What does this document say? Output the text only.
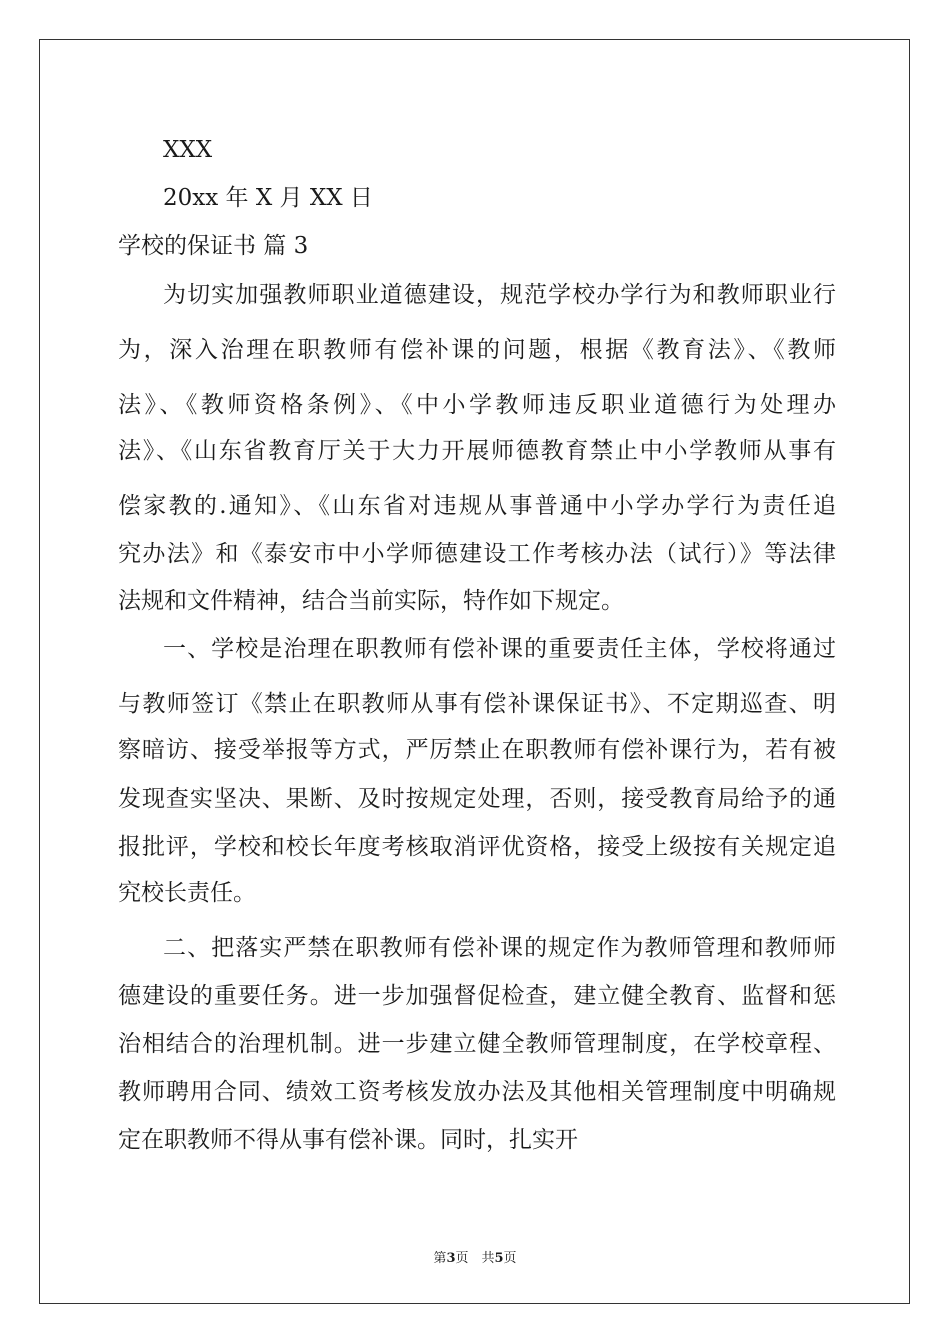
XXX
20xx 年 X 月 XX 日
学校的保证书 篇 3
为切实加强教师职业道德建设，规范学校办学行为和教师职业行
为，深入治理在职教师有偿补课的问题，根据《教育法》、《教师
法》、《教师资格条例》、《中小学教师违反职业道德行为处理办
法》、《山东省教育厅关于大力开展师德教育禁止中小学教师从事有
偿家教的.通知》、《山东省对违规从事普通中小学办学行为责任追
究办法》和《泰安市中小学师德建设工作考核办法（试行）》等法律
法规和文件精神，结合当前实际，特作如下规定。
一、学校是治理在职教师有偿补课的重要责任主体，学校将通过
与教师签订《禁止在职教师从事有偿补课保证书》、不定期巡查、明
察暗访、接受举报等方式，严厉禁止在职教师有偿补课行为，若有被
发现查实坚决、果断、及时按规定处理，否则，接受教育局给予的通
报批评，学校和校长年度考核取消评优资格，接受上级按有关规定追
究校长责任。
二、把落实严禁在职教师有偿补课的规定作为教师管理和教师师
德建设的重要任务。进一步加强督促检查，建立健全教育、监督和惩
治相结合的治理机制。进一步建立健全教师管理制度，在学校章程、
教师聘用合同、绩效工资考核发放办法及其他相关管理制度中明确规
定在职教师不得从事有偿补课。同时，扎实开
第3页　共5页
